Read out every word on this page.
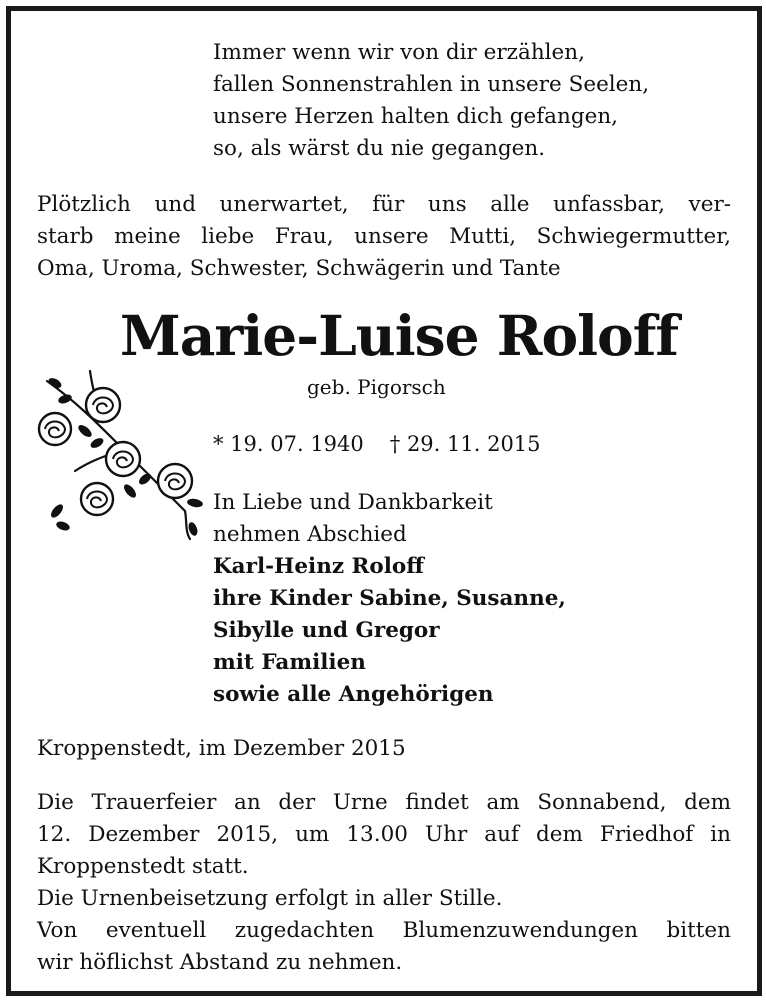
Immer wenn wir von dir erzählen,
fallen Sonnenstrahlen in unsere Seelen,
unsere Herzen halten dich gefangen,
so, als wärst du nie gegangen.
Plötzlich und unerwartet, für uns alle unfassbar, ver-
starb meine liebe Frau, unsere Mutti, Schwiegermutter,
Oma, Uroma, Schwester, Schwägerin und Tante
Marie-Luise Roloff
geb. Pigorsch
* 19. 07. 1940 † 29. 11. 2015
In Liebe und Dankbarkeit
nehmen Abschied
Karl-Heinz Roloff
ihre Kinder Sabine, Susanne,
Sibylle und Gregor
mit Familien
sowie alle Angehörigen
Kroppenstedt, im Dezember 2015
Die Trauerfeier an der Urne findet am Sonnabend, dem
12. Dezember 2015, um 13.00 Uhr auf dem Friedhof in
Kroppenstedt statt.
Die Urnenbeisetzung erfolgt in aller Stille.
Von eventuell zugedachten Blumenzuwendungen bitten
wir höflichst Abstand zu nehmen.
